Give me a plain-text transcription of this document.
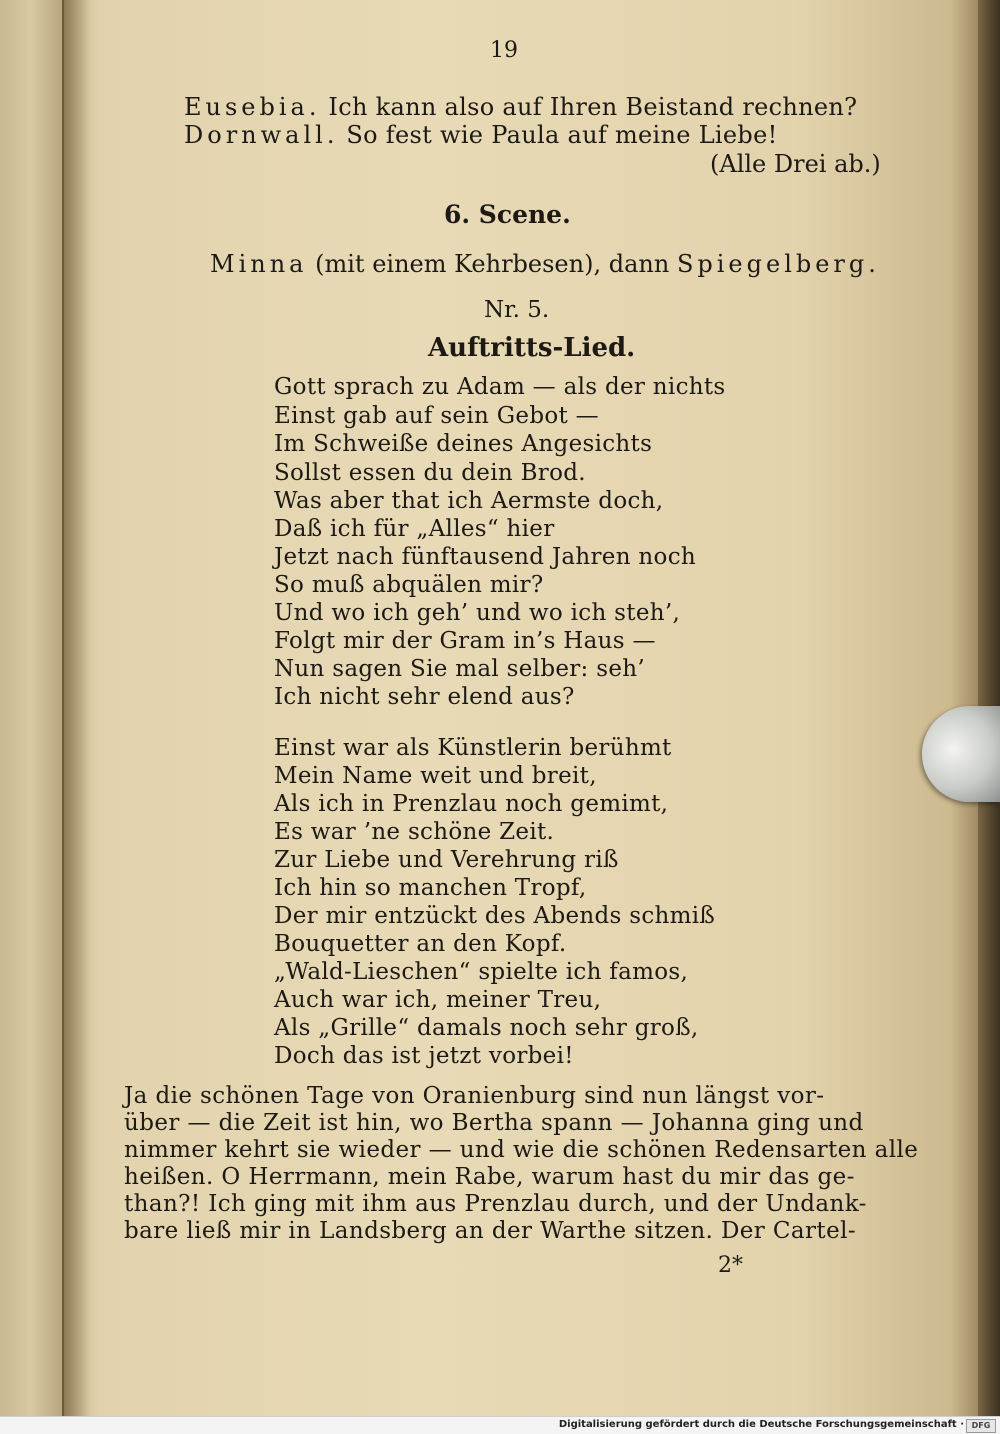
19
Eusebia. Ich kann also auf Ihren Beistand rechnen?
Dornwall. So fest wie Paula auf meine Liebe!
(Alle Drei ab.)
6. Scene.
Minna (mit einem Kehrbesen), dann Spiegelberg.
Nr. 5.
Auftritts-Lied.
Gott sprach zu Adam — als der nichts
Einst gab auf sein Gebot —
Im Schweiße deines Angesichts
Sollst essen du dein Brod.
Was aber that ich Aermste doch,
Daß ich für „Alles“ hier
Jetzt nach fünftausend Jahren noch
So muß abquälen mir?
Und wo ich geh’ und wo ich steh’,
Folgt mir der Gram in’s Haus —
Nun sagen Sie mal selber: seh’
Ich nicht sehr elend aus?
Einst war als Künstlerin berühmt
Mein Name weit und breit,
Als ich in Prenzlau noch gemimt,
Es war ’ne schöne Zeit.
Zur Liebe und Verehrung riß
Ich hin so manchen Tropf,
Der mir entzückt des Abends schmiß
Bouquetter an den Kopf.
„Wald-Lieschen“ spielte ich famos,
Auch war ich, meiner Treu,
Als „Grille“ damals noch sehr groß,
Doch das ist jetzt vorbei!
Ja die schönen Tage von Oranienburg sind nun längst vor-
über — die Zeit ist hin, wo Bertha spann — Johanna ging und
nimmer kehrt sie wieder — und wie die schönen Redensarten alle
heißen. O Herrmann, mein Rabe, warum hast du mir das ge-
than?! Ich ging mit ihm aus Prenzlau durch, und der Undank-
bare ließ mir in Landsberg an der Warthe sitzen. Der Cartel-
2*
Digitalisierung gefördert durch die Deutsche Forschungsgemeinschaft · DFG
